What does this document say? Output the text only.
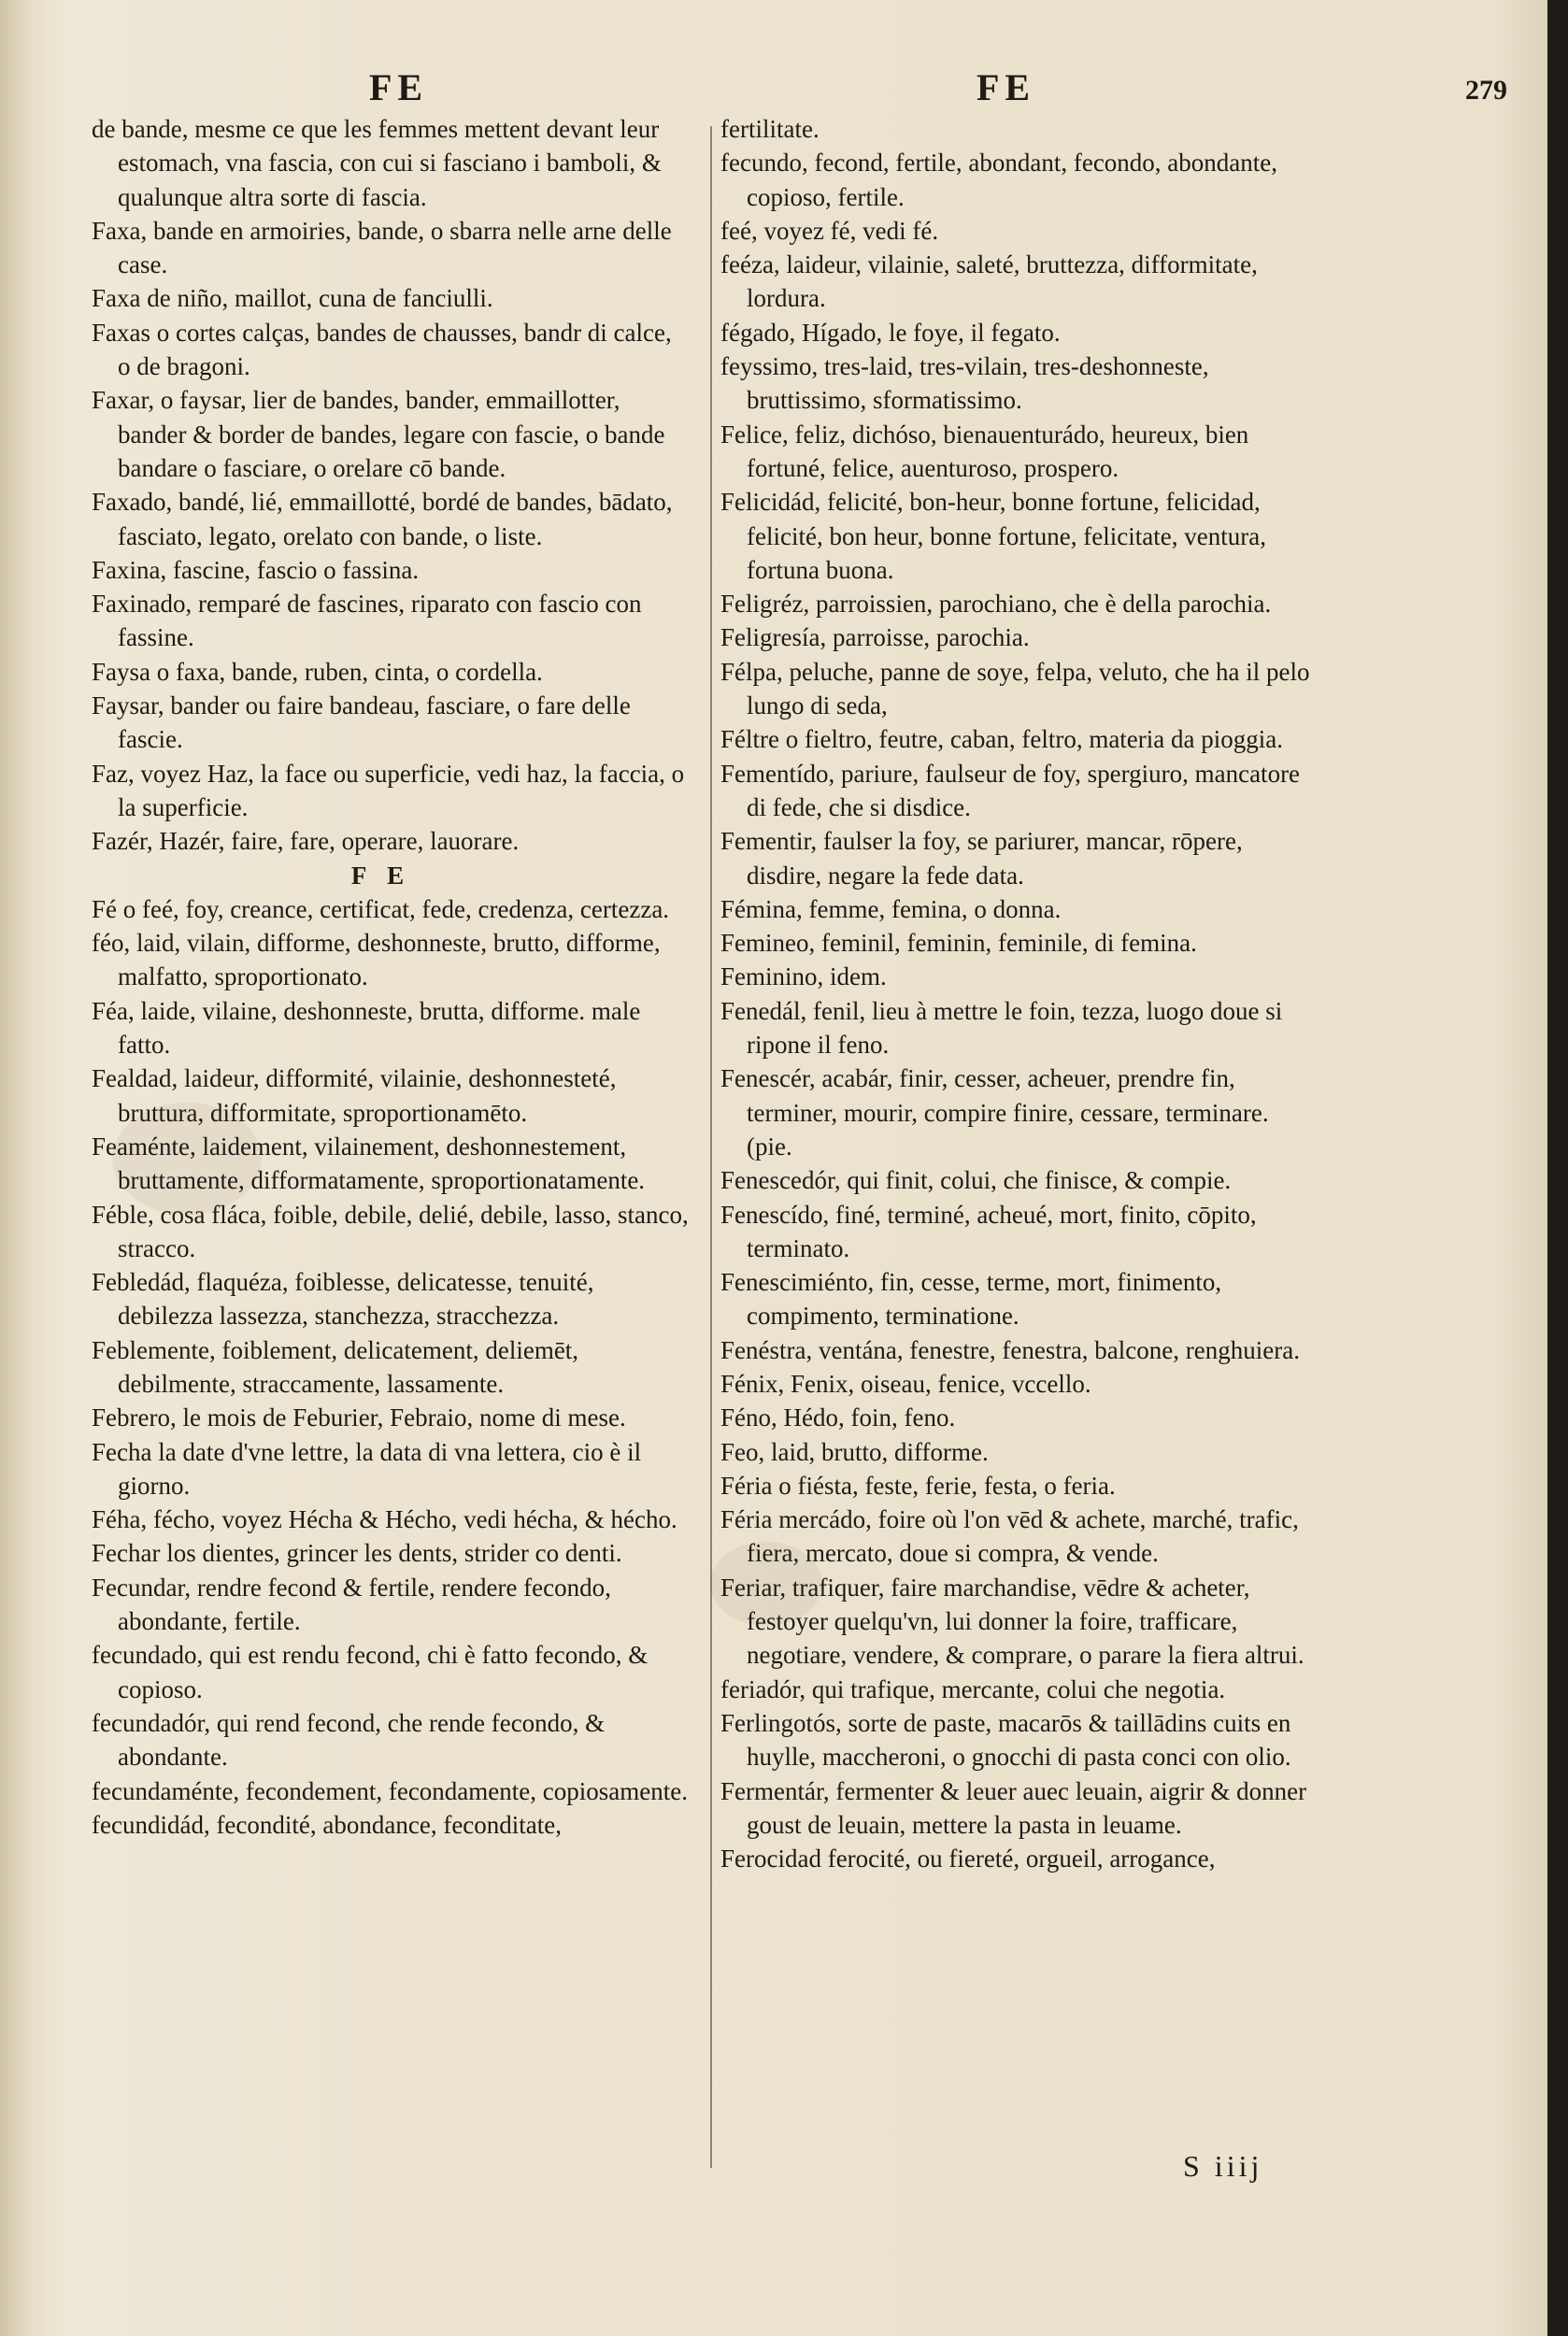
FE	FE	279

de bande, mesme ce que les femmes mettent devant leur estomach, vna fascia, con cui si fasciano i bamboli, & qualunque altra sorte di fascia.

Faxa, bande en armoiries, bande, o sbarra nelle arne delle case.

Faxa de niño, maillot, cuna de fanciulli.

Faxas o cortes calças, bandes de chausses, bandr di calce, o de bragoni.

Faxar, o faysar, lier de bandes, bander, emmaillotter, bander & border de bandes, legare con fascie, o bande bandare o fasciare, o orelare cō bande.

Faxado, bandé, lié, emmaillotté, bordé de bandes, bādato, fasciato, legato, orelato con bande, o liste.

Faxina, fascine, fascio o fassina.

Faxinado, remparé de fascines, riparato con fascio con fassine.

Faysa o faxa, bande, ruben, cinta, o cordella.

Faysar, bander ou faire bandeau, fasciare, o fare delle fascie.

Faz, voyez Haz, la face ou superficie, vedi haz, la faccia, o la superficie.

Fazér, Hazér, faire, fare, operare, lauorare.

F E

Fé o feé, foy, creance, certificat, fede, credenza, certezza.

féo, laid, vilain, difforme, deshonneste, brutto, difforme, malfatto, sproportionato.

Féa, laide, vilaine, deshonneste, brutta, difforme. male fatto.

Fealdad, laideur, difformité, vilainie, deshonnesteté, bruttura, difformitate, sproportionamēto.

Feaménte, laidement, vilainement, deshonnestement, bruttamente, difformatamente, sproportionatamente.

Féble, cosa fláca, foible, debile, delié, debile, lasso, stanco, stracco.

Febledád, flaquéza, foiblesse, delicatesse, tenuité, debilezza lassezza, stanchezza, stracchezza.

Feblemente, foiblement, delicatement, deliemēt, debilmente, straccamente, lassamente.

Febrero, le mois de Feburier, Febraio, nome di mese.

Fecha la date d'vne lettre, la data di vna lettera, cio è il giorno.

Féha, fécho, voyez Hécha & Hécho, vedi hécha, & hécho.

Fechar los dientes, grincer les dents, strider co denti.

Fecundar, rendre fecond & fertile, rendere fecondo, abondante, fertile.

fecundado, qui est rendu fecond, chi è fatto fecondo, & copioso.

fecundadór, qui rend fecond, che rende fecondo, & abondante.

fecundaménte, fecondement, fecondamente, copiosamente.

fecundidád, fecondité, abondance, feconditate,

fertilitate.

fecundo, fecond, fertile, abondant, fecondo, abondante, copioso, fertile.

feé, voyez fé, vedi fé.

feéza, laideur, vilainie, saleté, bruttezza, difformitate, lordura.

fégado, Hígado, le foye, il fegato.

feyssimo, tres-laid, tres-vilain, tres-deshonneste, bruttissimo, sformatissimo.

Felice, feliz, dichóso, bienauenturádo, heureux, bien fortuné, felice, auenturoso, prospero.

Felicidád, felicité, bon-heur, bonne fortune, felicidad, felicité, bon heur, bonne fortune, felicitate, ventura, fortuna buona.

Feligréz, parroissien, parochiano, che è della parochia.

Feligresía, parroisse, parochia.

Félpa, peluche, panne de soye, felpa, veluto, che ha il pelo lungo di seda,

Féltre o fieltro, feutre, caban, feltro, materia da pioggia.

Fementído, pariure, faulseur de foy, spergiuro, mancatore di fede, che si disdice.

Fementir, faulser la foy, se pariurer, mancar, rōpere, disdire, negare la fede data.

Fémina, femme, femina, o donna.

Femineo, feminil, feminin, feminile, di femina.

Feminino, idem.

Fenedál, fenil, lieu à mettre le foin, tezza, luogo doue si ripone il feno.

Fenescér, acabár, finir, cesser, acheuer, prendre fin, terminer, mourir, compire finire, cessare, terminare. (pie.

Fenescedór, qui finit, colui, che finisce, & compie.

Fenescído, finé, terminé, acheué, mort, finito, cōpito, terminato.

Fenescimiénto, fin, cesse, terme, mort, finimento, compimento, terminatione.

Fenéstra, ventána, fenestre, fenestra, balcone, renghuiera.

Fénix, Fenix, oiseau, fenice, vccello.

Féno, Hédo, foin, feno.

Feo, laid, brutto, difforme.

Féria o fiésta, feste, ferie, festa, o feria.

Féria mercádo, foire où l'on vēd & achete, marché, trafic, fiera, mercato, doue si compra, & vende.

Feriar, trafiquer, faire marchandise, vēdre & acheter, festoyer quelqu'vn, lui donner la foire, trafficare, negotiare, vendere, & comprare, o parare la fiera altrui.

feriadór, qui trafique, mercante, colui che negotia.

Ferlingotós, sorte de paste, macarōs & taillādins cuits en huylle, maccheroni, o gnocchi di pasta conci con olio.

Fermentár, fermenter & leuer auec leuain, aigrir & donner goust de leuain, mettere la pasta in leuame.

Ferocidad ferocité, ou fiereté, orgueil, arrogance,

S iiij
